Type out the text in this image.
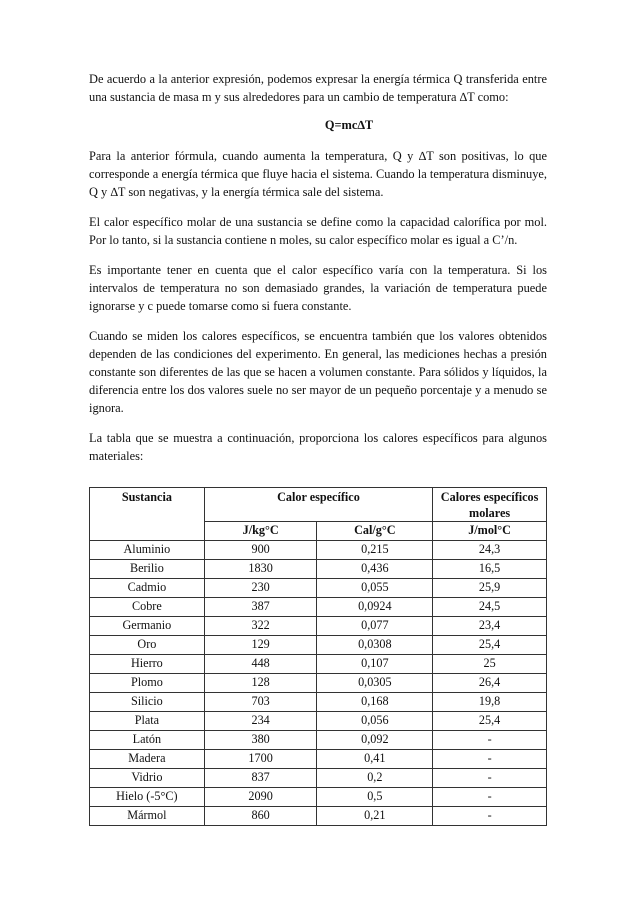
De acuerdo a la anterior expresión, podemos expresar la energía térmica Q transferida entre una sustancia de masa m y sus alrededores para un cambio de temperatura ∆T como:

Q=mc∆T

Para la anterior fórmula, cuando aumenta la temperatura, Q y ∆T son positivas, lo que corresponde a energía térmica que fluye hacia el sistema. Cuando la temperatura disminuye, Q y ∆T son negativas, y la energía térmica sale del sistema.

El calor específico molar de una sustancia se define como la capacidad calorífica por mol. Por lo tanto, si la sustancia contiene n moles, su calor específico molar es igual a C’/n.

Es importante tener en cuenta que el calor específico varía con la temperatura. Si los intervalos de temperatura no son demasiado grandes, la variación de temperatura puede ignorarse y c puede tomarse como si fuera constante.

Cuando se miden los calores específicos, se encuentra también que los valores obtenidos dependen de las condiciones del experimento. En general, las mediciones hechas a presión constante son diferentes de las que se hacen a volumen constante. Para sólidos y líquidos, la diferencia entre los dos valores suele no ser mayor de un pequeño porcentaje y a menudo se ignora.

La tabla que se muestra a continuación, proporciona los calores específicos para algunos materiales:

Sustancia	Calor específico		Calores específicos molares
	J/kg°C	Cal/g°C	J/mol°C
Aluminio	900	0,215	24,3
Berilio	1830	0,436	16,5
Cadmio	230	0,055	25,9
Cobre	387	0,0924	24,5
Germanio	322	0,077	23,4
Oro	129	0,0308	25,4
Hierro	448	0,107	25
Plomo	128	0,0305	26,4
Silicio	703	0,168	19,8
Plata	234	0,056	25,4
Latón	380	0,092	-
Madera	1700	0,41	-
Vidrio	837	0,2	-
Hielo (-5°C)	2090	0,5	-
Mármol	860	0,21	-
